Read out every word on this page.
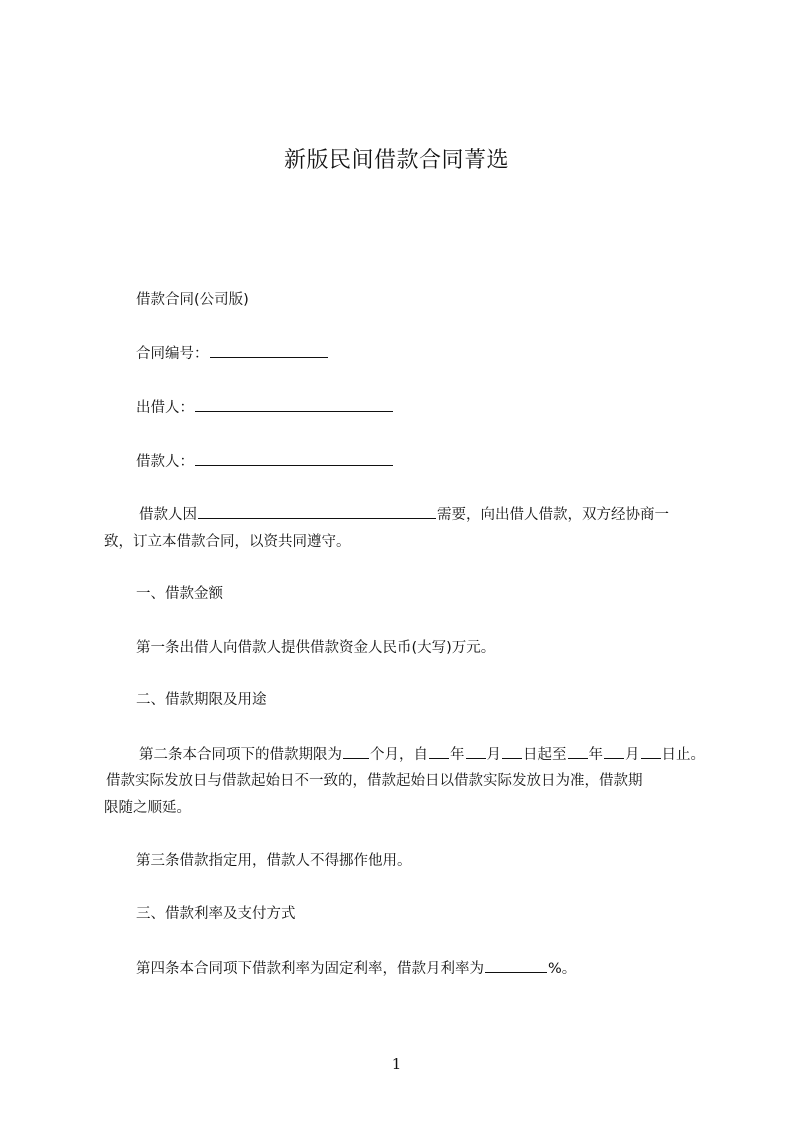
新版民间借款合同菁选
借款合同(公司版)
合同编号：
出借人：
借款人：
借款人因	需要，向出借人借款，双方经协商一
致，订立本借款合同，以资共同遵守。
一、借款金额
第一条出借人向借款人提供借款资金人民币(大写)万元。
二、借款期限及用途
第二条本合同项下的借款期限为 个月，自 年 月 日起至 年 月 日止。
借款实际发放日与借款起始日不一致的，借款起始日以借款实际发放日为准，借款期
限随之顺延。
第三条借款指定用，借款人不得挪作他用。
三、借款利率及支付方式
第四条本合同项下借款利率为固定利率，借款月利率为	%。
1
